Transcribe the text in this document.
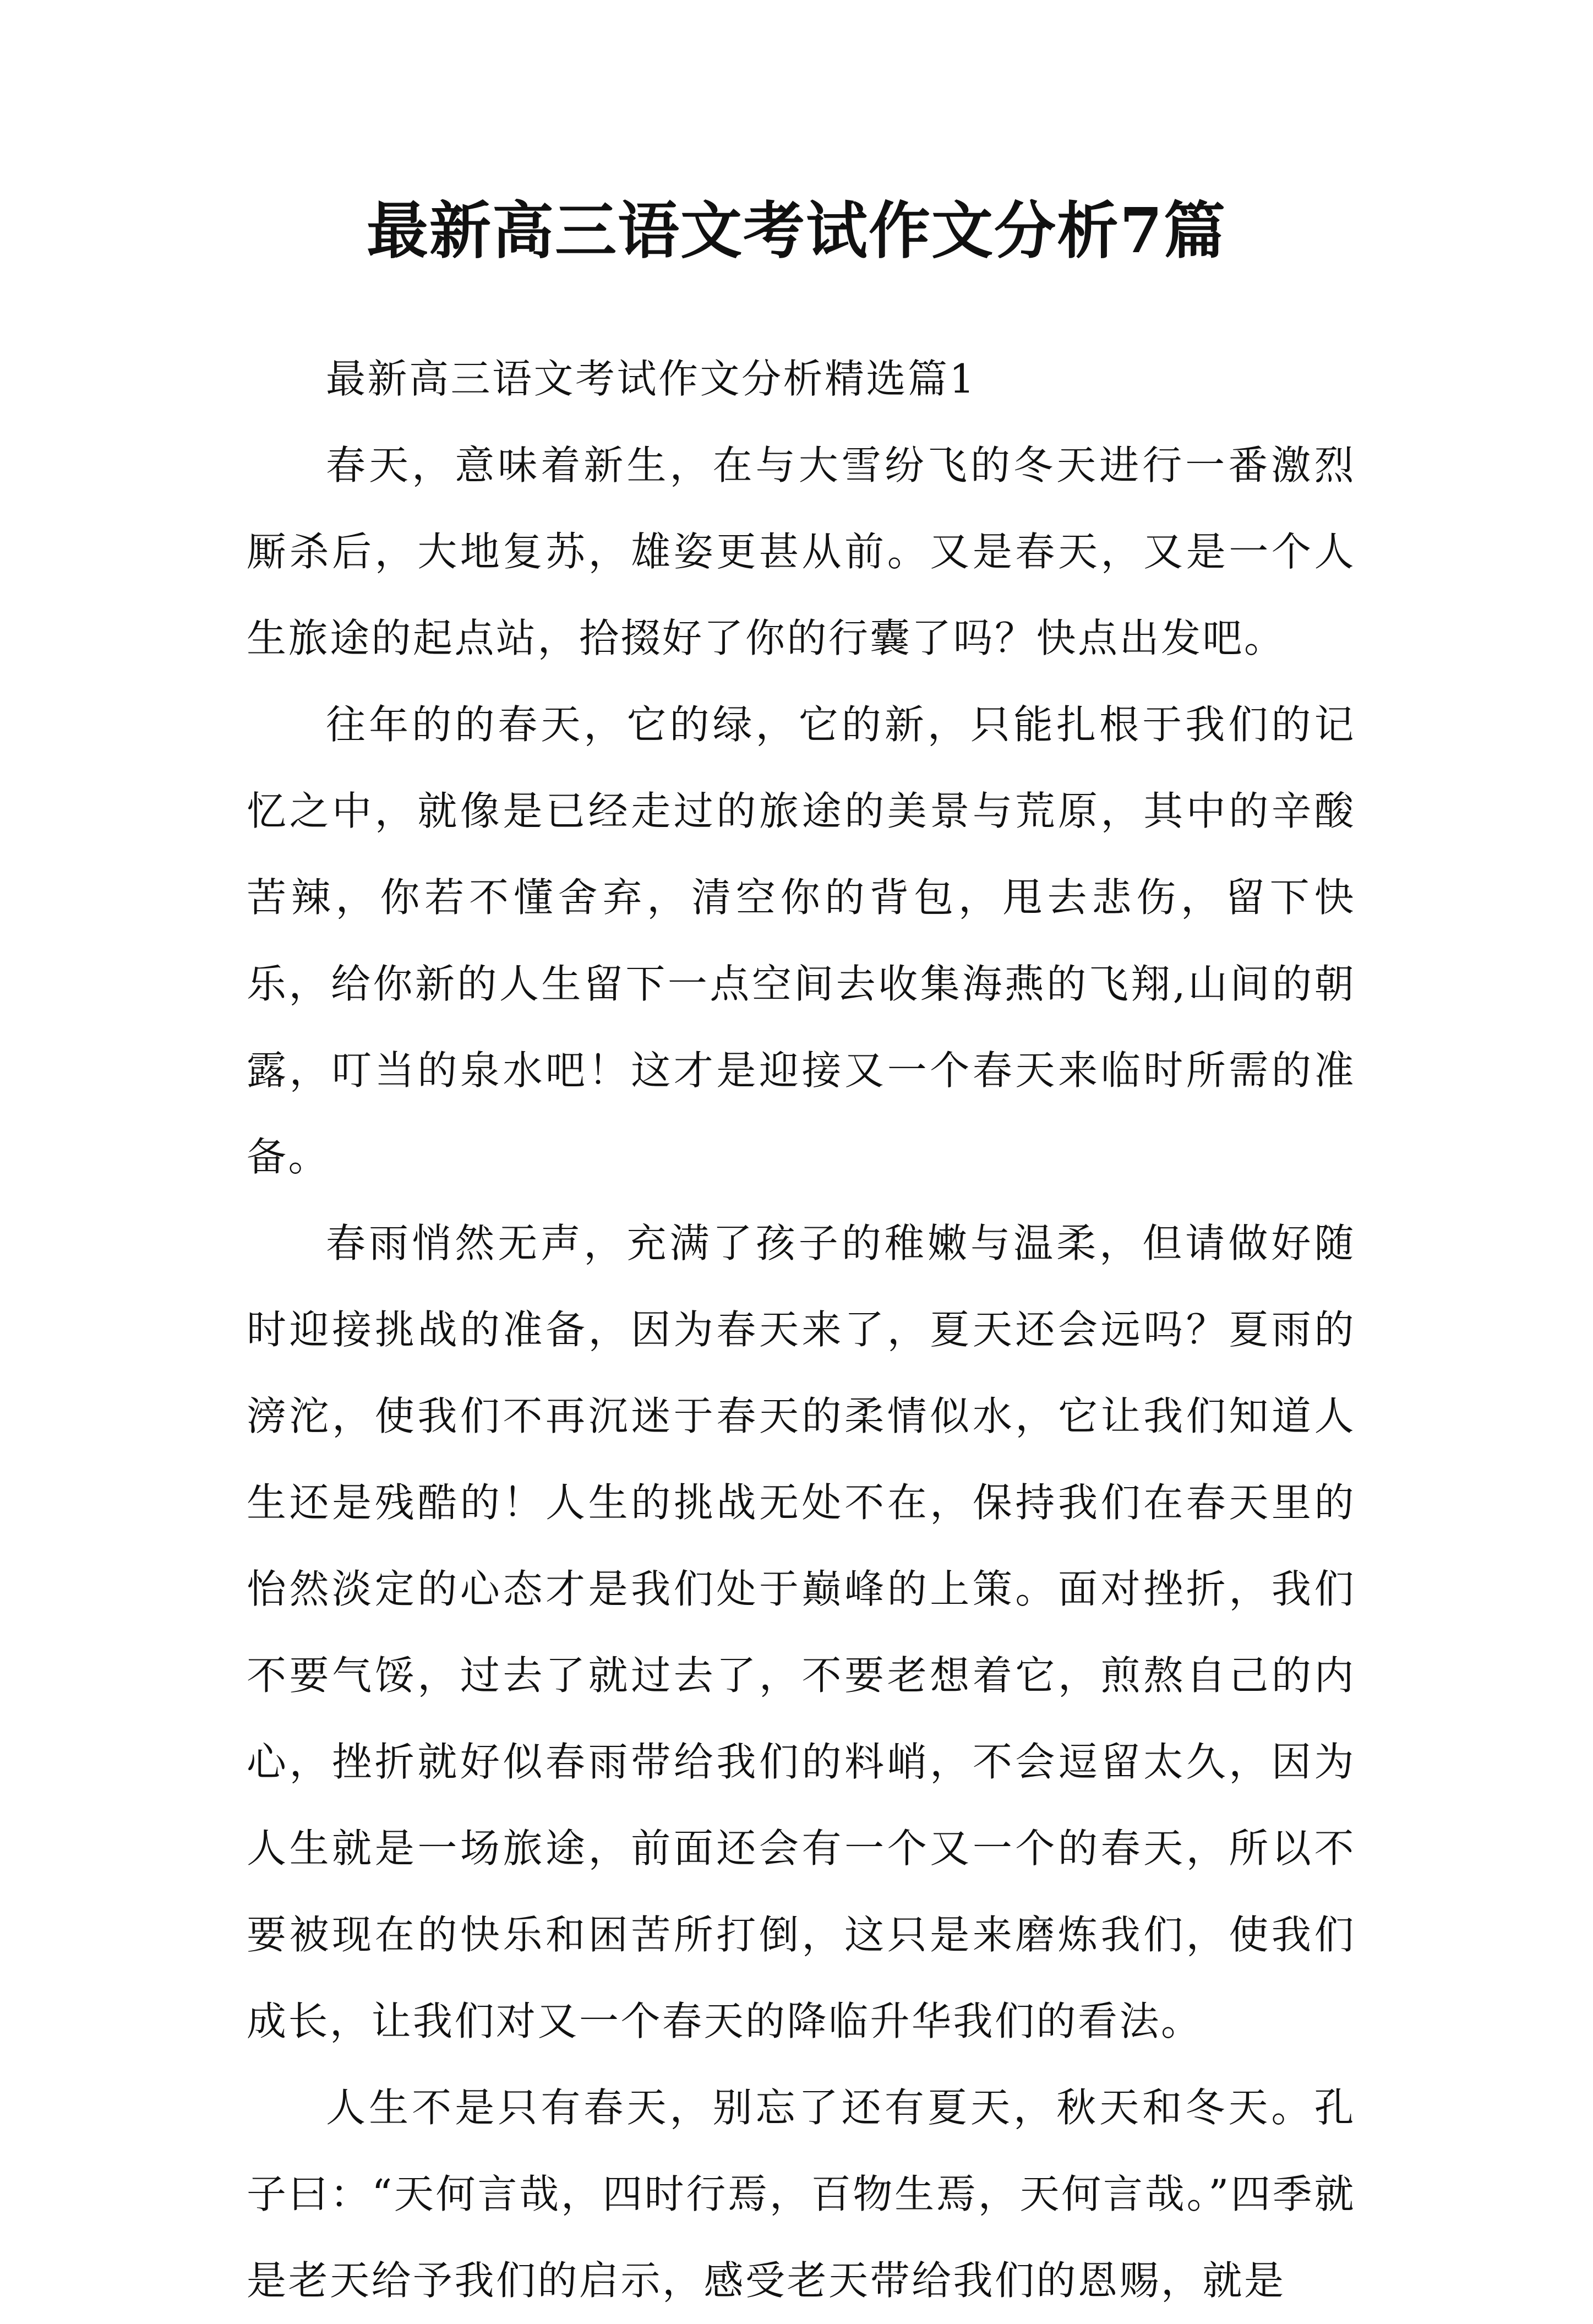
最新高三语文考试作文分析7篇

最新高三语文考试作文分析精选篇1

春天，意味着新生，在与大雪纷飞的冬天进行一番激烈厮杀后，大地复苏，雄姿更甚从前。又是春天，又是一个人生旅途的起点站，拾掇好了你的行囊了吗？快点出发吧。

往年的的春天，它的绿，它的新，只能扎根于我们的记忆之中，就像是已经走过的旅途的美景与荒原，其中的辛酸苦辣，你若不懂舍弃，清空你的背包，甩去悲伤，留下快乐，给你新的人生留下一点空间去收集海燕的飞翔,山间的朝露，叮当的泉水吧！这才是迎接又一个春天来临时所需的准备。

春雨悄然无声，充满了孩子的稚嫩与温柔，但请做好随时迎接挑战的准备，因为春天来了，夏天还会远吗？夏雨的滂沱，使我们不再沉迷于春天的柔情似水，它让我们知道人生还是残酷的！人生的挑战无处不在，保持我们在春天里的怡然淡定的心态才是我们处于巅峰的上策。面对挫折，我们不要气馁，过去了就过去了，不要老想着它，煎熬自己的内心，挫折就好似春雨带给我们的料峭，不会逗留太久，因为人生就是一场旅途，前面还会有一个又一个的春天，所以不要被现在的快乐和困苦所打倒，这只是来磨炼我们，使我们成长，让我们对又一个春天的降临升华我们的看法。

人生不是只有春天，别忘了还有夏天，秋天和冬天。孔子曰：“天何言哉，四时行焉，百物生焉，天何言哉。”四季就是老天给予我们的启示，感受老天带给我们的恩赐，就是
